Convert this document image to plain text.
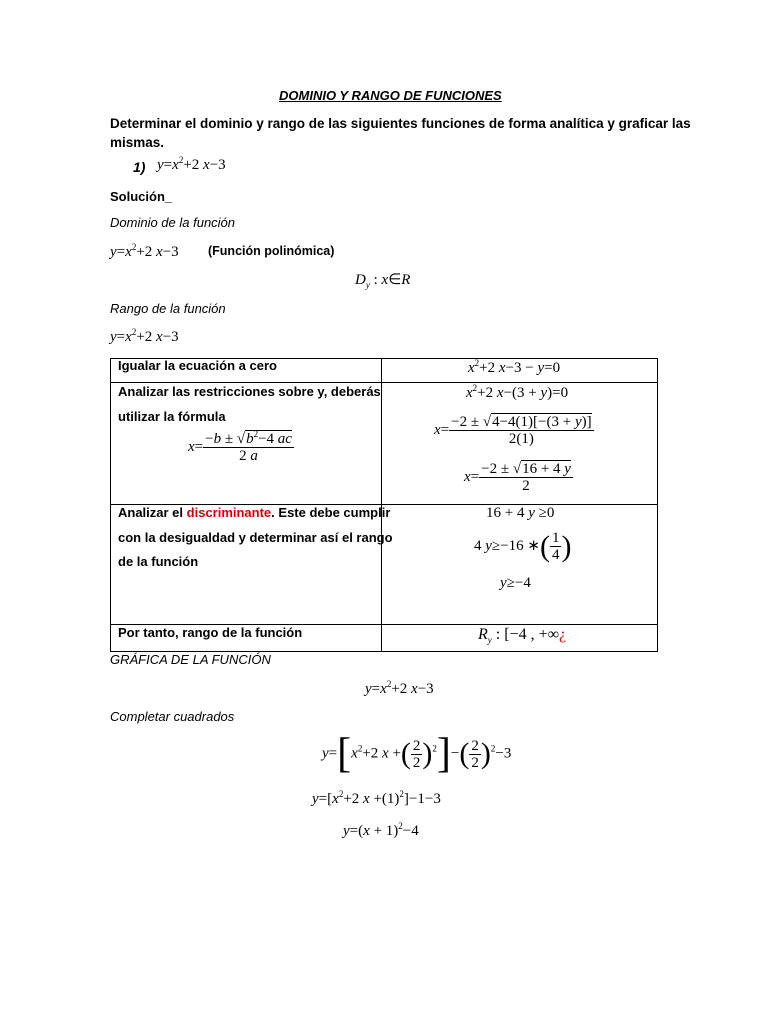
DOMINIO Y RANGO DE FUNCIONES
Determinar el dominio y rango de las siguientes funciones de forma analítica y graficar las
mismas.
1) $y=x^2+2$ x−3
Solución_
Dominio de la función
$y=x^2+2$ x−3 (Función polinómica)
$D_y$ : x∈R
Rango de la función
$y=x^2+2$ x−3
Igualar la ecuación a cero	$x^2+2$ x−3 − y=0
Analizar las restricciones sobre y, deberás
utilizar la fórmula
$x= \frac{-b \pm √b^2-4 ac}{2 a}$
$x^2+2$ x−(3 + y)=0
$x= \frac{-2 \pm √4-4(1)[-(3 + y)]}{2(1)}$
$x= \frac{-2 \pm √16 + 4 y}{2}$
Analizar el discriminante. Este debe cumplir
con la desigualdad y determinar así el rango
de la función
16 + 4 y ≥0
4 y≥−16 ∗( $\frac{1}{4}$ )
y≥−4
Por tanto, rango de la función	$R_y$ : [−4 , +∞¿
GRÁFICA DE LA FUNCIÓN
$y=x^2+2$ x−3
Completar cuadrados
$y=[x^2+2$ x +( $\frac{2}{2} )^2]-( \frac{2}{2} )^2-3$
$y=[x^2+2$ $x +(1)^2]-1-3$
$y=(x + 1)^2-4$
